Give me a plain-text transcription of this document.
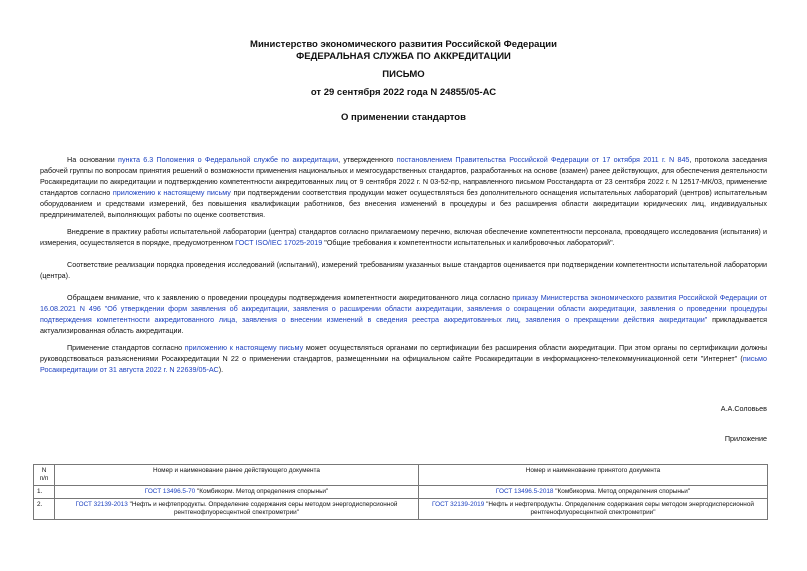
Министерство экономического развития Российской Федерации
ФЕДЕРАЛЬНАЯ СЛУЖБА ПО АККРЕДИТАЦИИ
ПИСЬМО
от 29 сентября 2022 года N 24855/05-АС
О применении стандартов

На основании пункта 6.3 Положения о Федеральной службе по аккредитации, утвержденного постановлением Правительства Российской Федерации от 17 октября 2011 г. N 845, протокола заседания рабочей группы по вопросам принятия решений о возможности применения национальных и межгосударственных стандартов, разработанных на основе (взамен) ранее действующих, для обеспечения деятельности Росаккредитации по аккредитации и подтверждению компетентности аккредитованных лиц от 9 сентября 2022 г. N 03-52-пр, направленного письмом Росстандарта от 23 сентября 2022 г. N 12517-МК/03, применение стандартов согласно приложению к настоящему письму при подтверждении соответствия продукции может осуществляться без дополнительного оснащения испытательных лабораторий (центров) испытательным оборудованием и средствами измерений, без повышения квалификации работников, без внесения изменений в процедуры и без расширения области аккредитации юридических лиц, индивидуальных предпринимателей, выполняющих работы по оценке соответствия.

Внедрение в практику работы испытательной лаборатории (центра) стандартов согласно прилагаемому перечню, включая обеспечение компетентности персонала, проводящего исследования (испытания) и измерения, осуществляется в порядке, предусмотренном ГОСТ ISO/IEC 17025-2019 "Общие требования к компетентности испытательных и калибровочных лабораторий".

Соответствие реализации порядка проведения исследований (испытаний), измерений требованиям указанных выше стандартов оценивается при подтверждении компетентности испытательной лаборатории (центра).

Обращаем внимание, что к заявлению о проведении процедуры подтверждения компетентности аккредитованного лица согласно приказу Министерства экономического развития Российской Федерации от 16.08.2021 N 496 "Об утверждении форм заявления об аккредитации, заявления о расширении области аккредитации, заявления о сокращении области аккредитации, заявления о проведении процедуры подтверждения компетентности аккредитованного лица, заявления о внесении изменений в сведения реестра аккредитованных лиц, заявления о прекращении действия аккредитации" прикладывается актуализированная область аккредитации.

Применение стандартов согласно приложению к настоящему письму может осуществляться органами по сертификации без расширения области аккредитации. При этом органы по сертификации должны руководствоваться разъяснениями Росаккредитации N 22 о применении стандартов, размещенными на официальном сайте Росаккредитации в информационно-телекоммуникационной сети "Интернет" (письмо Росаккредитации от 31 августа 2022 г. N 22639/05-АС).

А.А.Соловьев
Приложение
N
п/п	Номер и наименование ранее действующего документа	Номер и наименование принятого документа
1.	ГОСТ 13496.5-70 "Комбикорм. Метод определения спорыньи"	ГОСТ 13496.5-2018 "Комбикорма. Метод определения спорыньи"
2.	ГОСТ 32139-2013 "Нефть и нефтепродукты. Определение содержания серы методом энергодисперсионной рентгенофлуоресцентной спектрометрии"	ГОСТ 32139-2019 "Нефть и нефтепродукты. Определение содержания серы методом энергодисперсионной рентгенофлуоресцентной спектрометрии"
